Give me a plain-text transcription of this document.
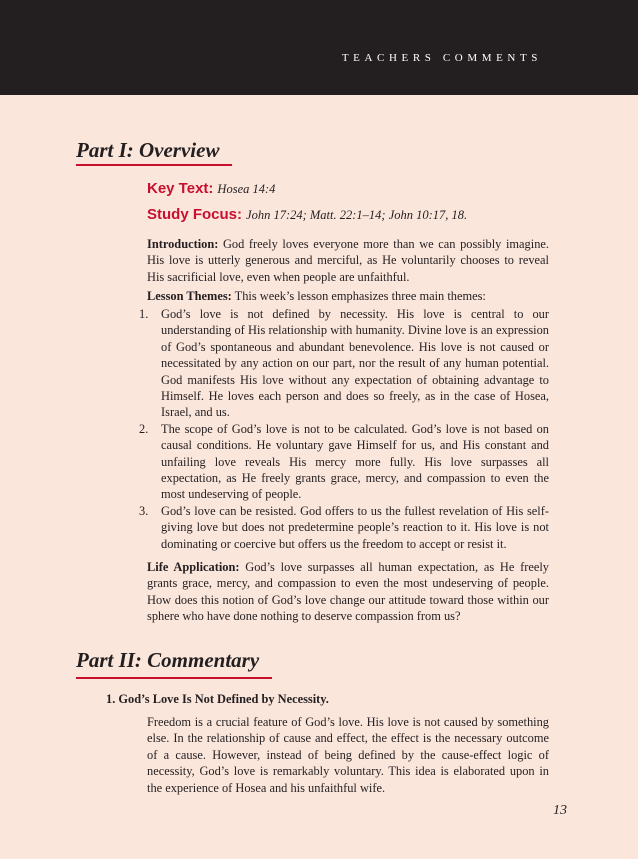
TEACHERS COMMENTS
Part I: Overview
Key Text: Hosea 14:4
Study Focus: John 17:24; Matt. 22:1–14; John 10:17, 18.

Introduction: God freely loves everyone more than we can possibly imagine. His love is utterly generous and merciful, as He voluntarily chooses to reveal His sacrificial love, even when people are unfaithful.

Lesson Themes: This week’s lesson emphasizes three main themes:

1. God’s love is not defined by necessity. His love is central to our understanding of His relationship with humanity. Divine love is an expression of God’s spontaneous and abundant benevolence. His love is not caused or necessitated by any action on our part, nor the result of any human potential. God manifests His love without any expectation of obtaining advantage to Himself. He loves each person and does so freely, as in the case of Hosea, Israel, and us.
2. The scope of God’s love is not to be calculated. God’s love is not based on causal conditions. He voluntary gave Himself for us, and His constant and unfailing love reveals His mercy more fully. His love surpasses all expectation, as He freely grants grace, mercy, and compassion to even the most undeserving of people.
3. God’s love can be resisted. God offers to us the fullest revelation of His self-giving love but does not predetermine people’s reaction to it. His love is not dominating or coercive but offers us the freedom to accept or resist it.

Life Application: God’s love surpasses all human expectation, as He freely grants grace, mercy, and compassion to even the most undeserving of people. How does this notion of God’s love change our attitude toward those within our sphere who have done nothing to deserve compassion from us?

Part II: Commentary
1. God’s Love Is Not Defined by Necessity.

Freedom is a crucial feature of God’s love. His love is not caused by something else. In the relationship of cause and effect, the effect is the necessary outcome of a cause. However, instead of being defined by the cause-effect logic of necessity, God’s love is remarkably voluntary. This idea is elaborated upon in the experience of Hosea and his unfaithful wife.

13
